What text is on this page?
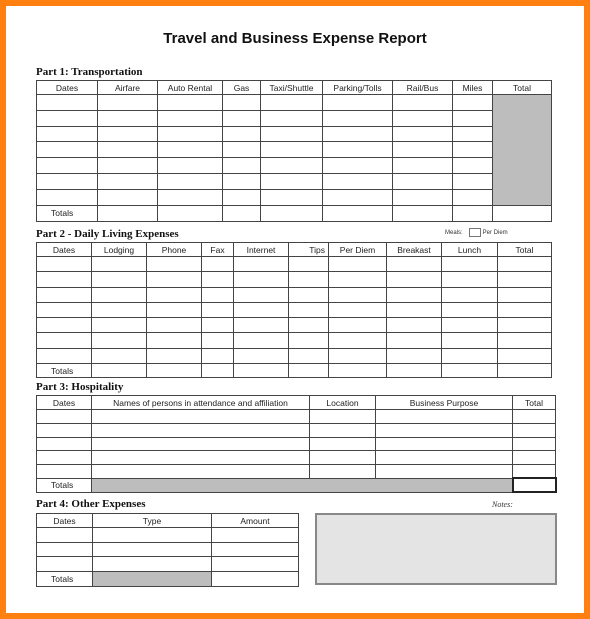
Travel and Business Expense Report
Part 1: Transportation
Dates	Airfare	Auto Rental	Gas	Taxi/Shuttle	Parking/Tolls	Rail/Bus	Miles	Total

Totals								
Part 2 - Daily Living Expenses	Meals:	Per Diem
Dates	Lodging	Phone	Fax	Internet	Tips	Per Diem	Breakast	Lunch	Total

Totals									
Part 3: Hospitality
Dates	Names of persons in attendance and affiliation	Location	Business Purpose	Total

Totals				
Part 4: Other Expenses
Dates	Type	Amount

Totals		
Notes:
